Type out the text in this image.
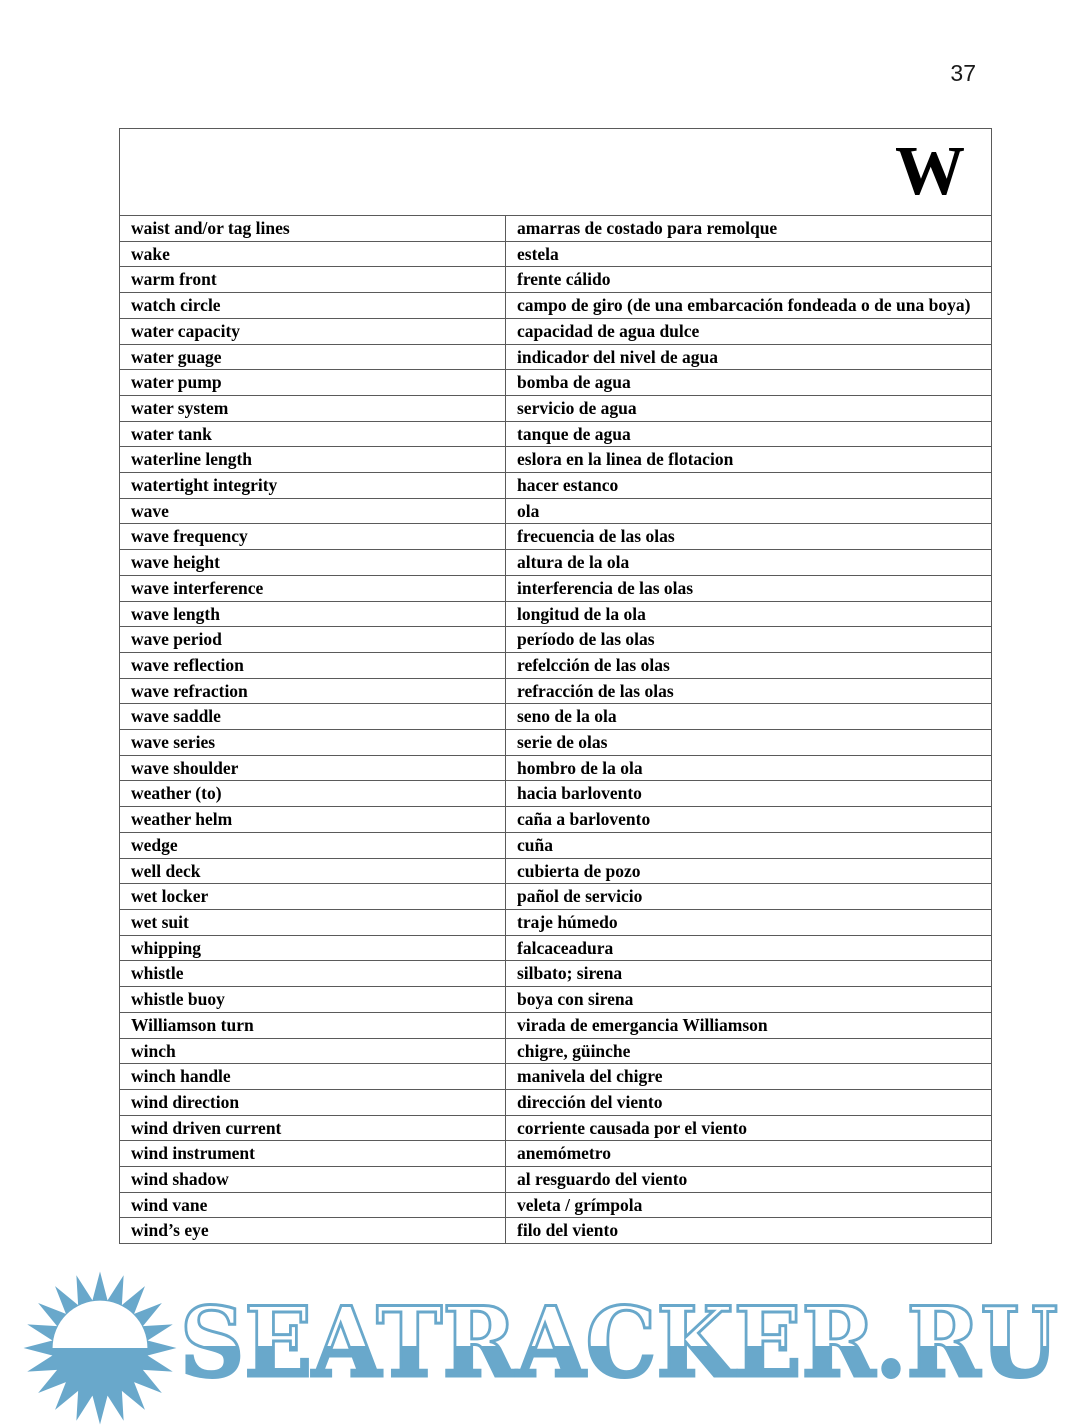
37
W	
waist and/or tag lines	amarras de costado para remolque
wake	estela
warm front	frente cálido
watch circle	campo de giro (de una embarcación fondeada o de una boya)
water capacity	capacidad de agua dulce
water guage	indicador del nivel de agua
water pump	bomba de agua
water system	servicio de agua
water tank	tanque de agua
waterline length	eslora en la linea de flotacion
watertight integrity	hacer estanco
wave	ola
wave frequency	frecuencia de las olas
wave height	altura de la ola
wave interference	interferencia de las olas
wave length	longitud de la ola
wave period	período de las olas
wave reflection	refelcción de las olas
wave refraction	refracción de las olas
wave saddle	seno de la ola
wave series	serie de olas
wave shoulder	hombro de la ola
weather (to)	hacia barlovento
weather helm	caña a barlovento
wedge	cuña
well deck	cubierta de pozo
wet locker	pañol de servicio
wet suit	traje húmedo
whipping	falcaceadura
whistle	silbato; sirena
whistle buoy	boya con sirena
Williamson turn	virada de emergancia Williamson
winch	chigre, güinche
winch handle	manivela del chigre
wind direction	dirección del viento
wind driven current	corriente causada por el viento
wind instrument	anemómetro
wind shadow	al resguardo del viento
wind vane	veleta / grímpola
wind’s eye	filo del viento
SEATRACKER.RU
